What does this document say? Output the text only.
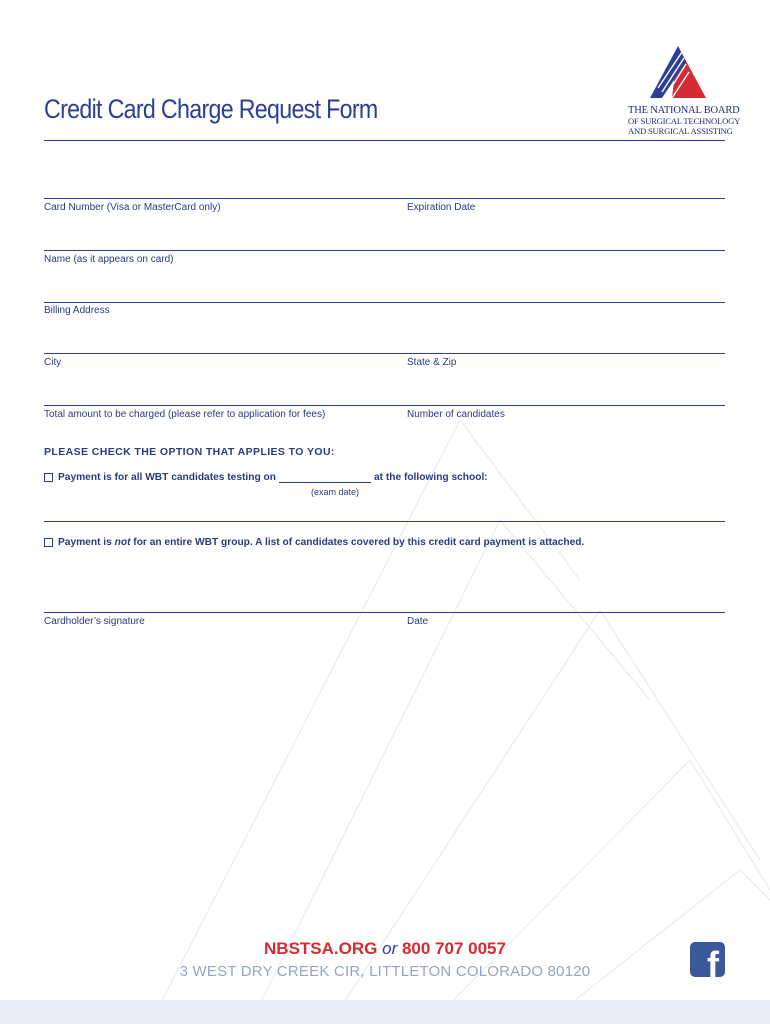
Credit Card Charge Request Form	THE NATIONAL BOARD
OF SURGICAL TECHNOLOGY
AND SURGICAL ASSISTING
Card Number (Visa or MasterCard only)	Expiration Date
Name (as it appears on card)
Billing Address
City	State & Zip
Total amount to be charged (please refer to application for fees)	Number of candidates
PLEASE CHECK THE OPTION THAT APPLIES TO YOU:
Payment is for all WBT candidates testing on	at the following school:
(exam date)
Payment is not for an entire WBT group. A list of candidates covered by this credit card payment is attached.
Cardholder’s signature	Date
NBSTSA.ORG or 800 707 0057
3 WEST DRY CREEK CIR, LITTLETON COLORADO 80120	f
